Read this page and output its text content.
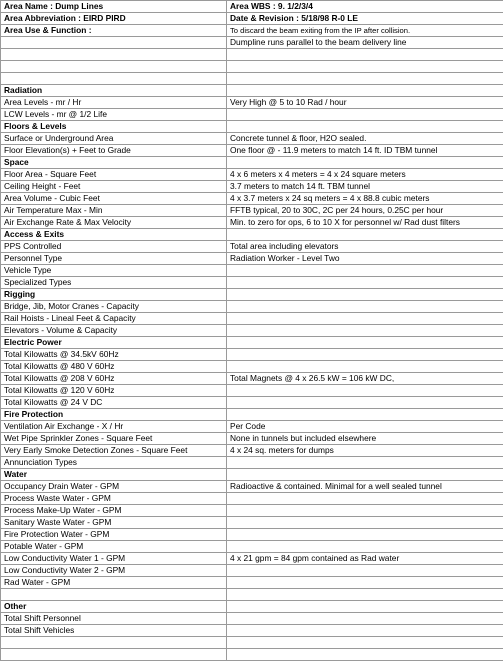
Area Name : Dump Lines	Area WBS : 9. 1/2/3/4
Area Abbreviation : EIRD PIRD	Date & Revision : 5/18/98 R-0 LE
Area Use & Function :	To discard the beam exiting from the IP after collision.
	Dumpline runs parallel to the beam delivery line

Radiation	
Area Levels - mr / Hr	Very High @ 5 to 10 Rad / hour
LCW Levels - mr @ 1/2 Life	
Floors & Levels	
Surface or Underground Area	Concrete tunnel & floor, H2O sealed.
Floor Elevation(s) + Feet to Grade	One floor @ - 11.9 meters to match 14 ft. ID TBM tunnel
Space	
Floor Area - Square Feet	4 x 6 meters x 4 meters = 4 x 24 square meters
Ceiling Height - Feet	3.7 meters to match 14 ft. TBM tunnel
Area Volume - Cubic Feet	4 x 3.7 meters x 24 sq meters = 4 x 88.8 cubic meters
Air Temperature Max - Min	FFTB typical, 20 to 30C, 2C per 24 hours, 0.25C per hour
Air Exchange Rate & Max Velocity	Min. to zero for ops, 6 to 10 X for personnel w/ Rad dust filters
Access & Exits	
PPS Controlled	Total area including elevators
Personnel Type	Radiation Worker - Level Two
Vehicle Type	
Specialized Types	
Rigging	
Bridge, Jib, Motor Cranes - Capacity	
Rail Hoists - Lineal Feet & Capacity	
Elevators - Volume & Capacity	
Electric Power	
Total Kilowatts @ 34.5kV 60Hz	
Total Kilowatts @ 480 V 60Hz	
Total Kilowatts @ 208 V 60Hz	Total Magnets @ 4 x 26.5 kW = 106 kW DC,
Total Kilowatts @ 120 V 60Hz	
Total Kilowatts @ 24 V DC	
Fire Protection	
Ventilation Air Exchange - X / Hr	Per Code
Wet Pipe Sprinkler Zones - Square Feet	None in tunnels but included elsewhere
Very Early Smoke Detection Zones - Square Feet	4 x 24 sq. meters for dumps
Annunciation Types	
Water	
Occupancy Drain Water - GPM	Radioactive & contained. Minimal for a well sealed tunnel
Process Waste Water - GPM	
Process Make-Up Water - GPM	
Sanitary Waste Water - GPM	
Fire Protection Water - GPM	
Potable Water - GPM	
Low Conductivity Water 1 - GPM	4 x 21 gpm = 84 gpm contained as Rad water
Low Conductivity Water 2 - GPM	
Rad Water - GPM	

Other	
Total Shift Personnel	
Total Shift Vehicles	
